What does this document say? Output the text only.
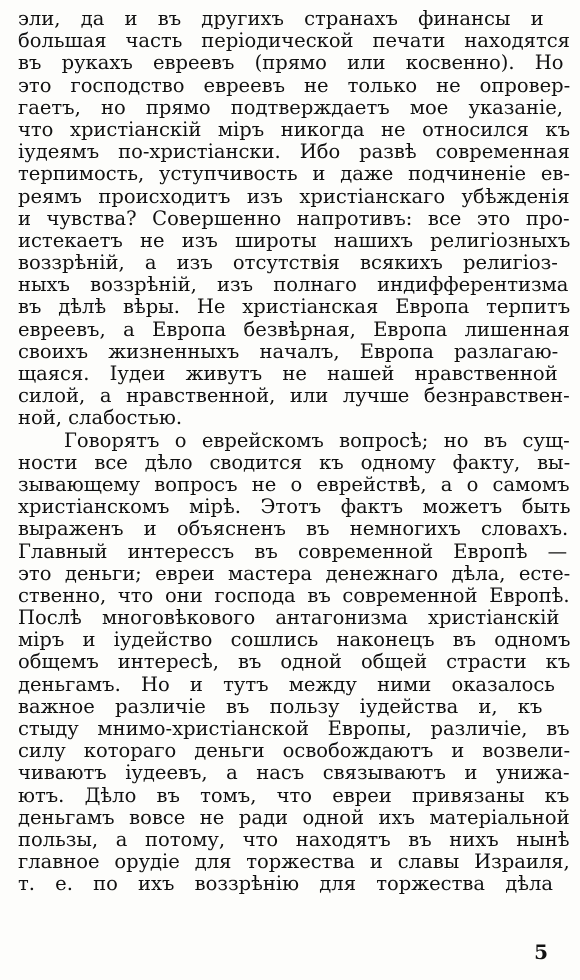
эли, да и въ другихъ странахъ финансы и
большая часть періодической печати находятся
въ рукахъ евреевъ (прямо или косвенно). Но
это господство евреевъ не только не опровер-
гаетъ, но прямо подтверждаетъ мое указаніе,
что христіанскій міръ никогда не относился къ
іудеямъ по-христіански. Ибо развѣ современная
терпимость, уступчивость и даже подчиненіе ев-
реямъ происходитъ изъ христіанскаго убѣжденія
и чувства? Совершенно напротивъ: все это про-
истекаетъ не изъ широты нашихъ религіозныхъ
воззрѣній, а изъ отсутствія всякихъ религіоз-
ныхъ воззрѣній, изъ полнаго индифферентизма
въ дѣлѣ вѣры. Не христіанская Европа терпитъ
евреевъ, а Европа безвѣрная, Европа лишенная
своихъ жизненныхъ началъ, Европа разлагаю-
щаяся. Іудеи живутъ не нашей нравственной
силой, а нравственной, или лучше безнравствен-
ной, слабостью.
Говорятъ о еврейскомъ вопросѣ; но въ сущ-
ности все дѣло сводится къ одному факту, вы-
зывающему вопросъ не о еврействѣ, а о самомъ
христіанскомъ мірѣ. Этотъ фактъ можетъ быть
выраженъ и объясненъ въ немногихъ словахъ.
Главный интерессъ въ современной Европѣ —
это деньги; евреи мастера денежнаго дѣла, есте-
ственно, что они господа въ современной Европѣ.
Послѣ многовѣкового антагонизма христіанскій
міръ и іудейство сошлись наконецъ въ одномъ
общемъ интересѣ, въ одной общей страсти къ
деньгамъ. Но и тутъ между ними оказалось
важное различіе въ пользу іудейства и, къ
стыду мнимо-христіанской Европы, различіе, въ
силу котораго деньги освобождаютъ и возвели-
чиваютъ іудеевъ, а насъ связываютъ и унижа-
ютъ. Дѣло въ томъ, что евреи привязаны къ
деньгамъ вовсе не ради одной ихъ матеріальной
пользы, а потому, что находятъ въ нихъ нынѣ
главное орудіе для торжества и славы Израиля,
т. е. по ихъ воззрѣнію для торжества дѣла
5
